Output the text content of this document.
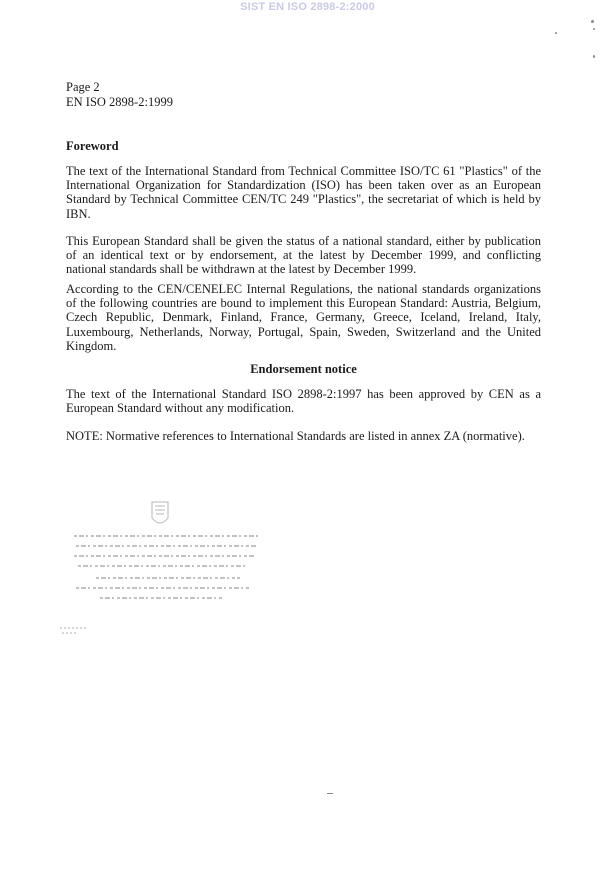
SIST EN ISO 2898-2:2000
Page 2
EN ISO 2898-2:1999
Foreword
The text of the International Standard from Technical Committee ISO/TC 61 "Plastics" of the International Organization for Standardization (ISO) has been taken over as an European Standard by Technical Committee CEN/TC 249 "Plastics", the secretariat of which is held by IBN.
This European Standard shall be given the status of a national standard, either by publication of an identical text or by endorsement, at the latest by December 1999, and conflicting national standards shall be withdrawn at the latest by December 1999.
According to the CEN/CENELEC Internal Regulations, the national standards organizations of the following countries are bound to implement this European Standard: Austria, Belgium, Czech Republic, Denmark, Finland, France, Germany, Greece, Iceland, Ireland, Italy, Luxembourg, Netherlands, Norway, Portugal, Spain, Sweden, Switzerland and the United Kingdom.
Endorsement notice
The text of the International Standard ISO 2898-2:1997 has been approved by CEN as a European Standard without any modification.
NOTE: Normative references to International Standards are listed in annex ZA (normative).
